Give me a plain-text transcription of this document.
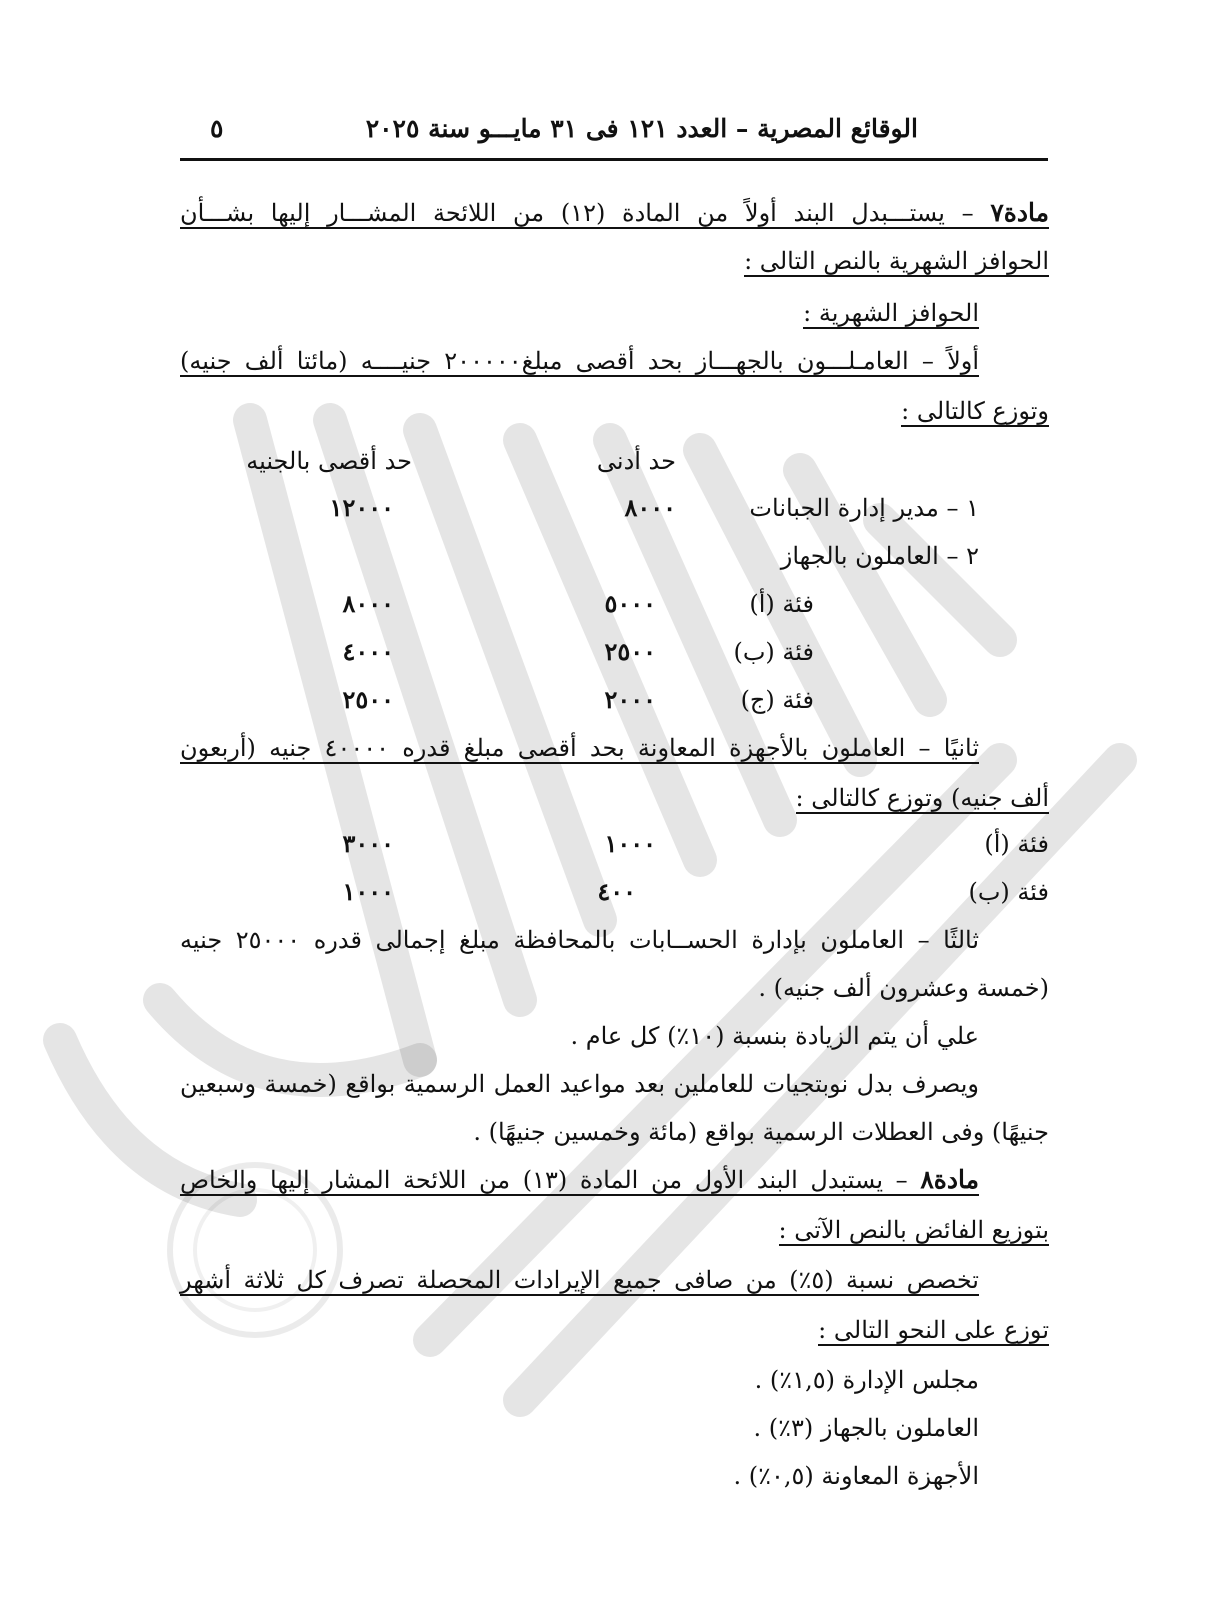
الوقائع المصرية – العدد ١٢١ فى ٣١ مايـــو سنة ٢٠٢٥
٥
مادة٧ – يستـــبدل البند أولاً من المادة (١٢) من اللائحة المشـــار إليها بشـــأن
الحوافز الشهرية بالنص التالى :
الحوافز الشهرية :
أولاً – العامـلـــون بالجهـــاز بحد أقصى مبلغ٢٠٠٠٠٠ جنيــــه (مائتا ألف جنيه)
وتوزع كالتالى :
حد أدنى
حد أقصى بالجنيه
١ – مدير إدارة الجبانات
٨٠٠٠
١٢٠٠٠
٢ – العاملون بالجهاز
فئة (أ)
٥٠٠٠
٨٠٠٠
فئة (ب)
٢٥٠٠
٤٠٠٠
فئة (ج)
٢٠٠٠
٢٥٠٠
ثانيًا – العاملون بالأجهزة المعاونة بحد أقصى مبلغ قدره ٤٠٠٠٠ جنيه (أربعون
ألف جنيه) وتوزع كالتالى :
فئة (أ)
١٠٠٠
٣٠٠٠
فئة (ب)
٤٠٠
١٠٠٠
ثالثًا – العاملون بإدارة الحســابات بالمحافظة مبلغ إجمالى قدره ٢٥٠٠٠ جنيه
(خمسة وعشرون ألف جنيه) .
علي أن يتم الزيادة بنسبة (١٠٪) كل عام .
ويصرف بدل نوبتجيات للعاملين بعد مواعيد العمل الرسمية بواقع (خمسة وسبعين
جنيهًا) وفى العطلات الرسمية بواقع (مائة وخمسين جنيهًا) .
مادة٨ – يستبدل البند الأول من المادة (١٣) من اللائحة المشار إليها والخاص
بتوزيع الفائض بالنص الآتى :
تخصص نسبة (٥٪) من صافى جميع الإيرادات المحصلة تصرف كل ثلاثة أشهر
توزع على النحو التالى :
مجلس الإدارة (١,٥٪) .
العاملون بالجهاز (٣٪) .
الأجهزة المعاونة (٠,٥٪) .
